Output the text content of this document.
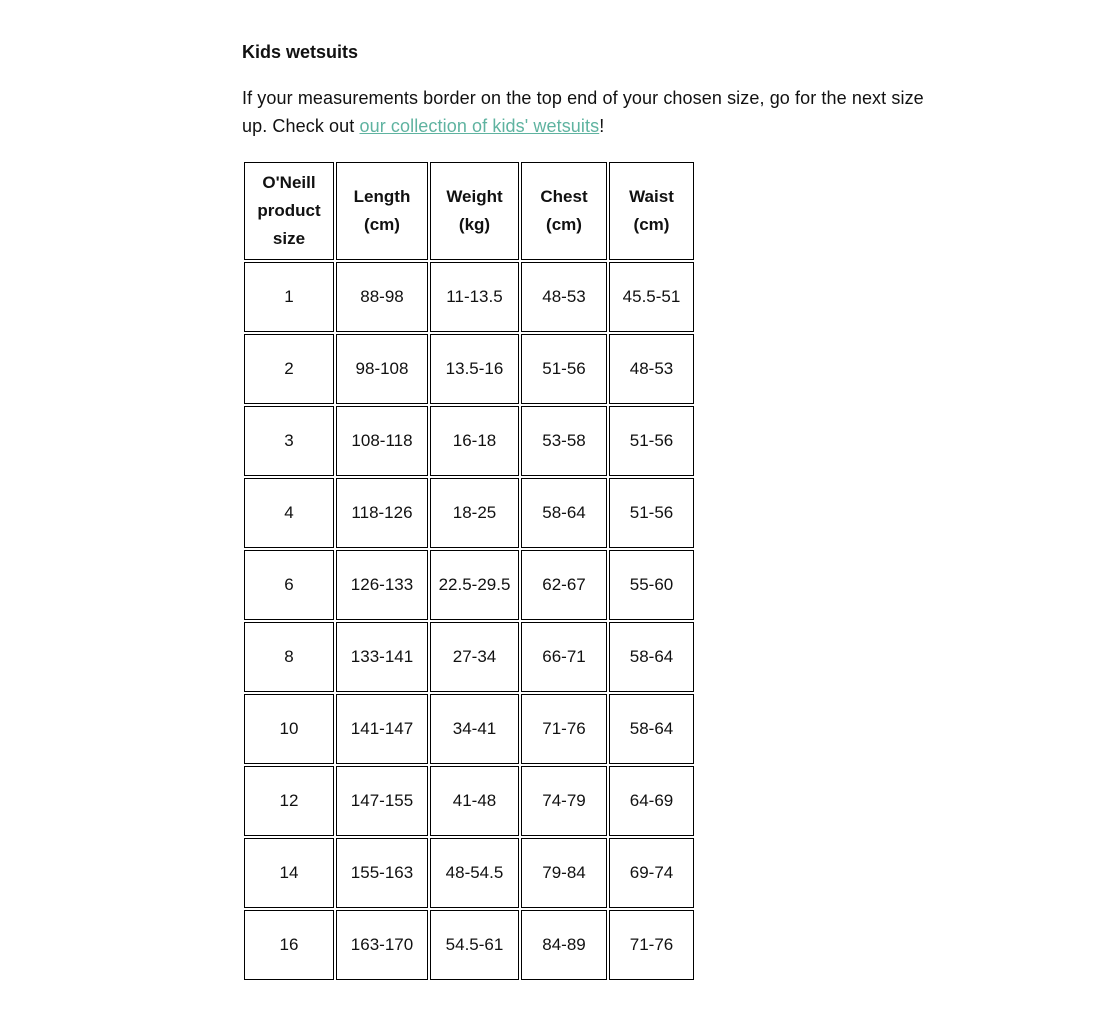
Kids wetsuits

If your measurements border on the top end of your chosen size, go for the next size up. Check out our collection of kids' wetsuits!

O'Neill product size	Length (cm)	Weight (kg)	Chest (cm)	Waist (cm)
1	88-98	11-13.5	48-53	45.5-51
2	98-108	13.5-16	51-56	48-53
3	108-118	16-18	53-58	51-56
4	118-126	18-25	58-64	51-56
6	126-133	22.5-29.5	62-67	55-60
8	133-141	27-34	66-71	58-64
10	141-147	34-41	71-76	58-64
12	147-155	41-48	74-79	64-69
14	155-163	48-54.5	79-84	69-74
16	163-170	54.5-61	84-89	71-76
